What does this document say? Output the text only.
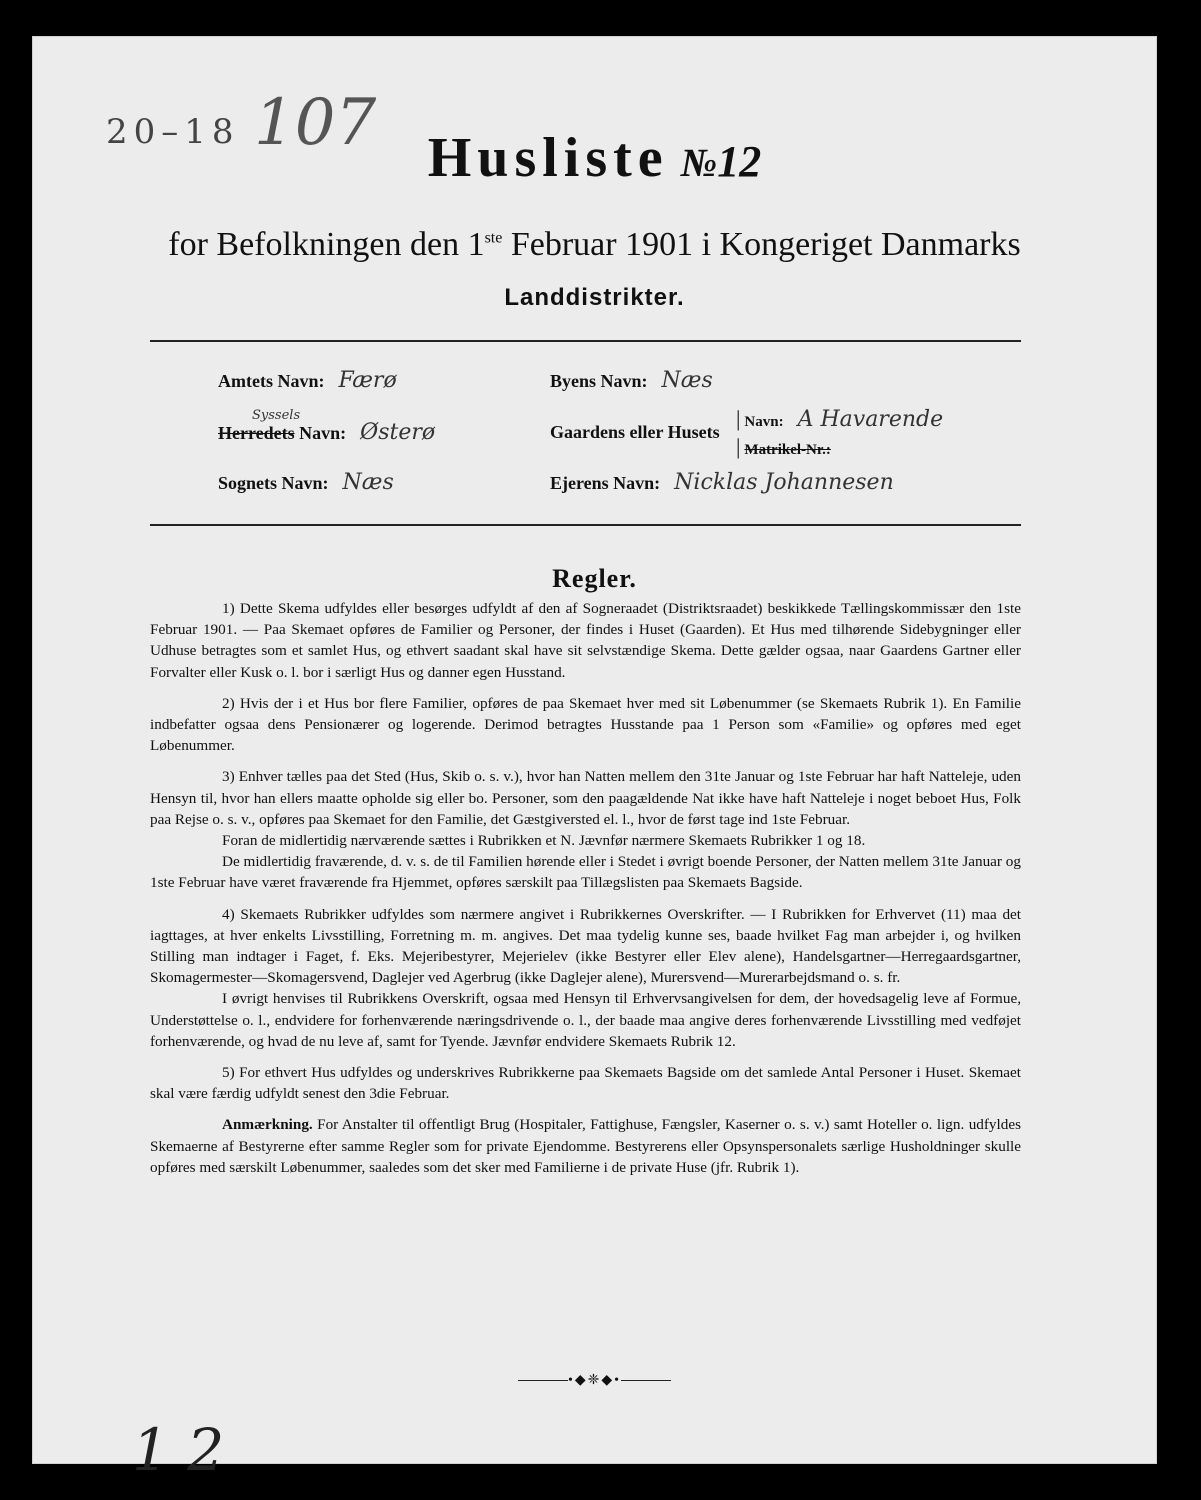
20–18 107 Husliste №12
for Befolkningen den 1ste Februar 1901 i Kongeriget Danmarks
Landdistrikter.
Amtets Navn: Færø
Syssels
Herredets Navn: Østerø
Sognets Navn: Næs
Byens Navn: Næs
Gaardens eller Husets
| Navn: A Havarende
| Matrikel-Nr.:
Ejerens Navn: Nicklas Johannesen
Regler.

1) Dette Skema udfyldes eller besørges udfyldt af den af Sogneraadet (Distriktsraadet) beskikkede Tællingskommissær den 1ste Februar 1901. — Paa Skemaet opføres de Familier og Personer, der findes i Huset (Gaarden). Et Hus med tilhørende Sidebygninger eller Udhuse betragtes som et samlet Hus, og ethvert saadant skal have sit selvstændige Skema. Dette gælder ogsaa, naar Gaardens Gartner eller Forvalter eller Kusk o. l. bor i særligt Hus og danner egen Husstand.

2) Hvis der i et Hus bor flere Familier, opføres de paa Skemaet hver med sit Løbenummer (se Skemaets Rubrik 1). En Familie indbefatter ogsaa dens Pensionærer og logerende. Derimod betragtes Husstande paa 1 Person som «Familie» og opføres med eget Løbenummer.

3) Enhver tælles paa det Sted (Hus, Skib o. s. v.), hvor han Natten mellem den 31te Januar og 1ste Februar har haft Natteleje, uden Hensyn til, hvor han ellers maatte opholde sig eller bo. Personer, som den paagældende Nat ikke have haft Natteleje i noget beboet Hus, Folk paa Rejse o. s. v., opføres paa Skemaet for den Familie, det Gæstgiversted el. l., hvor de først tage ind 1ste Februar.

Foran de midlertidig nærværende sættes i Rubrikken et N. Jævnfør nærmere Skemaets Rubrikker 1 og 18.

De midlertidig fraværende, d. v. s. de til Familien hørende eller i Stedet i øvrigt boende Personer, der Natten mellem 31te Januar og 1ste Februar have været fraværende fra Hjemmet, opføres særskilt paa Tillægslisten paa Skemaets Bagside.

4) Skemaets Rubrikker udfyldes som nærmere angivet i Rubrikkernes Overskrifter. — I Rubrikken for Erhvervet (11) maa det iagttages, at hver enkelts Livsstilling, Forretning m. m. angives. Det maa tydelig kunne ses, baade hvilket Fag man arbejder i, og hvilken Stilling man indtager i Faget, f. Eks. Mejeribestyrer, Mejerielev (ikke Bestyrer eller Elev alene), Handelsgartner—Herregaardsgartner, Skomagermester—Skomagersvend, Daglejer ved Agerbrug (ikke Daglejer alene), Murersvend—Murerarbejdsmand o. s. fr.

I øvrigt henvises til Rubrikkens Overskrift, ogsaa med Hensyn til Erhvervsangivelsen for dem, der hovedsagelig leve af Formue, Understøttelse o. l., endvidere for forhenværende næringsdrivende o. l., der baade maa angive deres forhenværende Livsstilling med vedføjet forhenværende, og hvad de nu leve af, samt for Tyende. Jævnfør endvidere Skemaets Rubrik 12.

5) For ethvert Hus udfyldes og underskrives Rubrikkerne paa Skemaets Bagside om det samlede Antal Personer i Huset. Skemaet skal være færdig udfyldt senest den 3die Februar.

Anmærkning. For Anstalter til offentligt Brug (Hospitaler, Fattighuse, Fængsler, Kaserner o. s. v.) samt Hoteller o. lign. udfyldes Skemaerne af Bestyrerne efter samme Regler som for private Ejendomme. Bestyrerens eller Opsynspersonalets særlige Husholdninger skulle opføres med særskilt Løbenummer, saaledes som det sker med Familierne i de private Huse (jfr. Rubrik 1).

•◆❈◆•
1 2
